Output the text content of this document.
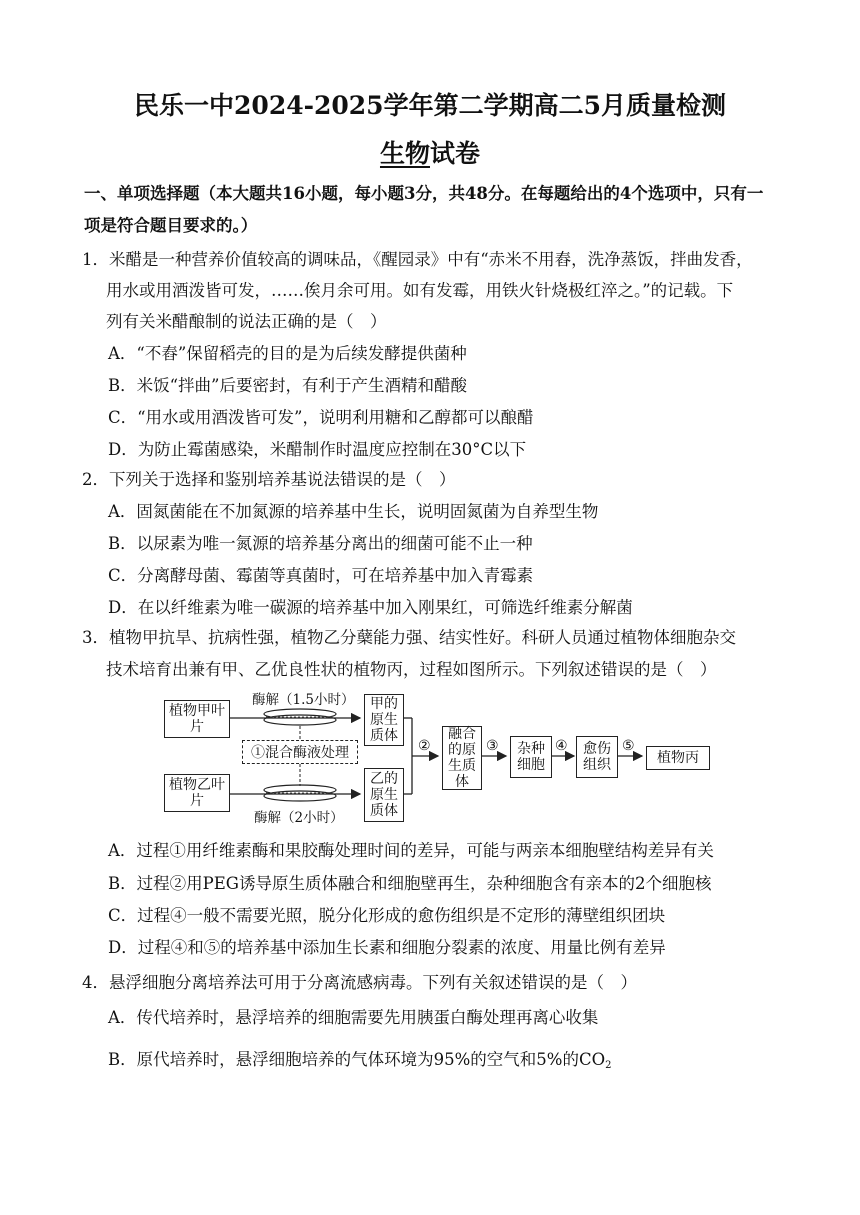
民乐一中2024-2025学年第二学期高二5月质量检测
生物试卷
一、单项选择题（本大题共16小题，每小题3分，共48分。在每题给出的4个选项中，只有一
项是符合题目要求的。）
1．米醋是一种营养价值较高的调味品，《醒园录》中有“赤米不用舂，洗净蒸饭，拌曲发香，
用水或用酒泼皆可发，……俟月余可用。如有发霉，用铁火针烧极红淬之。”的记载。下
列有关米醋酿制的说法正确的是（　）
A．“不舂”保留稻壳的目的是为后续发酵提供菌种
B．米饭“拌曲”后要密封，有利于产生酒精和醋酸
C．“用水或用酒泼皆可发”，说明利用糖和乙醇都可以酿醋
D．为防止霉菌感染，米醋制作时温度应控制在30°C以下
2．下列关于选择和鉴别培养基说法错误的是（　）
A．固氮菌能在不加氮源的培养基中生长，说明固氮菌为自养型生物
B．以尿素为唯一氮源的培养基分离出的细菌可能不止一种
C．分离酵母菌、霉菌等真菌时，可在培养基中加入青霉素
D．在以纤维素为唯一碳源的培养基中加入刚果红，可筛选纤维素分解菌
3．植物甲抗旱、抗病性强，植物乙分蘖能力强、结实性好。科研人员通过植物体细胞杂交
技术培育出兼有甲、乙优良性状的植物丙，过程如图所示。下列叙述错误的是（　）
植物甲叶片
植物乙叶片
酶解（1.5小时）
酶解（2小时）
①混合酶液处理
甲的原生质体
乙的原生质体
②
融合的原生质体
③	杂种细胞
④	愈伤组织
⑤
植物丙
A．过程①用纤维素酶和果胶酶处理时间的差异，可能与两亲本细胞壁结构差异有关
B．过程②用PEG诱导原生质体融合和细胞壁再生，杂种细胞含有亲本的2个细胞核
C．过程④一般不需要光照，脱分化形成的愈伤组织是不定形的薄壁组织团块
D．过程④和⑤的培养基中添加生长素和细胞分裂素的浓度、用量比例有差异
4．悬浮细胞分离培养法可用于分离流感病毒。下列有关叙述错误的是（　）
A．传代培养时，悬浮培养的细胞需要先用胰蛋白酶处理再离心收集
B．原代培养时，悬浮细胞培养的气体环境为95%的空气和5%的$CO_2$
